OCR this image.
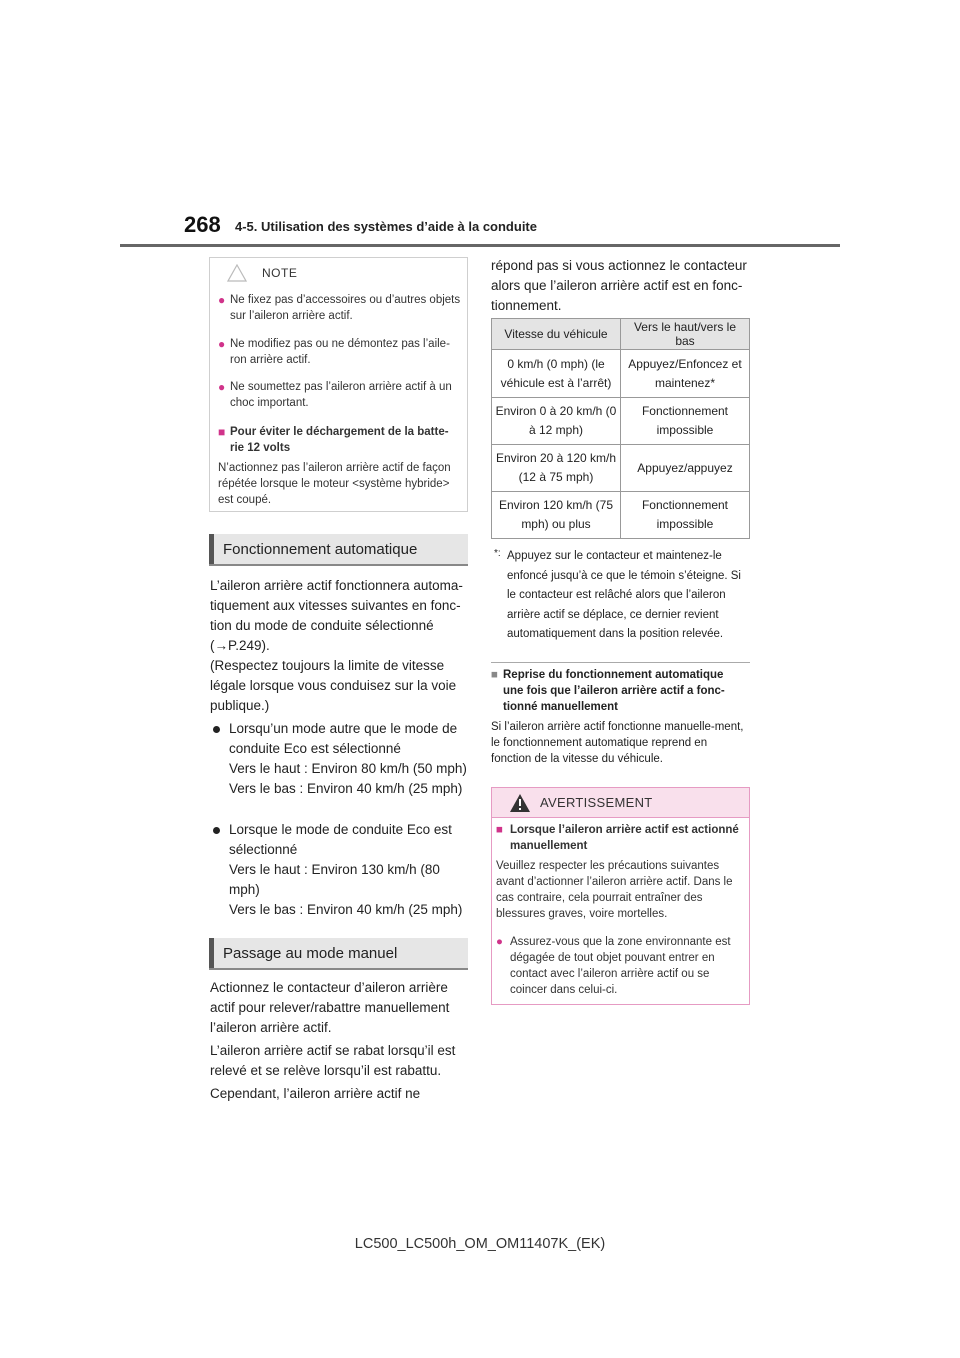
268 4-5. Utilisation des systèmes d’aide à la conduite
NOTE
● Ne fixez pas d’accessoires ou d’autres objets sur l’aileron arrière actif.
● Ne modifiez pas ou ne démontez pas l’aile-ron arrière actif.
● Ne soumettez pas l’aileron arrière actif à un choc important.
■ Pour éviter le déchargement de la batte-rie 12 volts
N’actionnez pas l’aileron arrière actif de façon répétée lorsque le moteur <système hybride> est coupé.
Fonctionnement automatique
L’aileron arrière actif fonctionnera automa-tiquement aux vitesses suivantes en fonc-tion du mode de conduite sélectionné (→P.249).
(Respectez toujours la limite de vitesse légale lorsque vous conduisez sur la voie publique.)
Lorsqu’un mode autre que le mode de conduite Eco est sélectionné
Vers le haut : Environ 80 km/h (50 mph)
Vers le bas : Environ 40 km/h (25 mph)
Lorsque le mode de conduite Eco est sélectionné
Vers le haut : Environ 130 km/h (80 mph)
Vers le bas : Environ 40 km/h (25 mph)
Passage au mode manuel
Actionnez le contacteur d’aileron arrière actif pour relever/rabattre manuellement l’aileron arrière actif.
L’aileron arrière actif se rabat lorsqu’il est relevé et se relève lorsqu’il est rabattu.
Cependant, l’aileron arrière actif ne
répond pas si vous actionnez le contacteur alors que l’aileron arrière actif est en fonc-tionnement.
Vitesse du véhicule	Vers le haut/vers le bas
0 km/h (0 mph) (le véhicule est à l’arrêt)	Appuyez/Enfoncez et maintenez*
Environ 0 à 20 km/h (0 à 12 mph)	Fonctionnement impossible
Environ 20 à 120 km/h (12 à 75 mph)	Appuyez/appuyez
Environ 120 km/h (75 mph) ou plus	Fonctionnement impossible
*: Appuyez sur le contacteur et maintenez-le enfoncé jusqu’à ce que le témoin s’éteigne. Si le contacteur est relâché alors que l’aileron arrière actif se déplace, ce dernier revient automatiquement dans la position relevée.
■ Reprise du fonctionnement automatique une fois que l’aileron arrière actif a fonc-tionné manuellement
Si l’aileron arrière actif fonctionne manuelle-ment, le fonctionnement automatique reprend en fonction de la vitesse du véhicule.
AVERTISSEMENT
■ Lorsque l’aileron arrière actif est actionné manuellement
Veuillez respecter les précautions suivantes avant d’actionner l’aileron arrière actif. Dans le cas contraire, cela pourrait entraîner des blessures graves, voire mortelles.
● Assurez-vous que la zone environnante est dégagée de tout objet pouvant entrer en contact avec l’aileron arrière actif ou se coincer dans celui-ci.
LC500_LC500h_OM_OM11407K_(EK)
